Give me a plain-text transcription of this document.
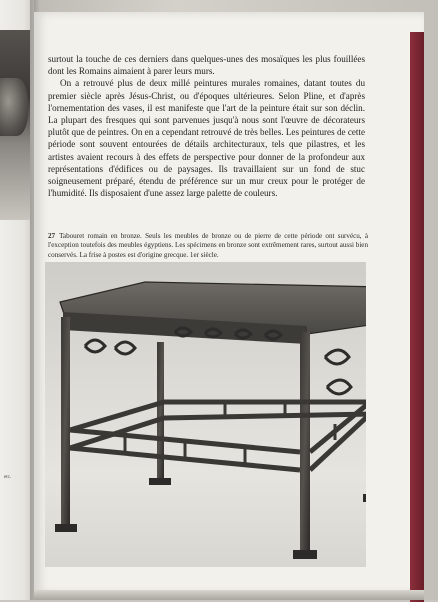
etc.

surtout la touche de ces derniers dans quelques-unes des mosaïques les plus fouillées dont les Romains aimaient à parer leurs murs.

On a retrouvé plus de deux millé peintures murales romaines, datant toutes du premier siècle après Jésus-Christ, ou d'époques ultérieures. Selon Pline, et d'après l'ornementation des vases, il est manifeste que l'art de la peinture était sur son déclin. La plupart des fresques qui sont parvenues jusqu'à nous sont l'œuvre de décorateurs plutôt que de peintres. On en a cependant retrouvé de très belles. Les peintures de cette période sont souvent entourées de détails architecturaux, tels que pilastres, et les artistes avaient recours à des effets de perspective pour donner de la profondeur aux représentations d'édifices ou de paysages. Ils travaillaient sur un fond de stuc soigneusement préparé, étendu de préférence sur un mur creux pour le protéger de l'humidité. Ils disposaient d'une assez large palette de couleurs.

27 Tabouret romain en bronze. Seuls les meubles de bronze ou de pierre de cette période ont survécu, à l'exception toutefois des meubles égyptiens. Les spécimens en bronze sont extrêmement rares, surtout aussi bien conservés. La frise à postes est d'origine grecque. 1er siècle.
